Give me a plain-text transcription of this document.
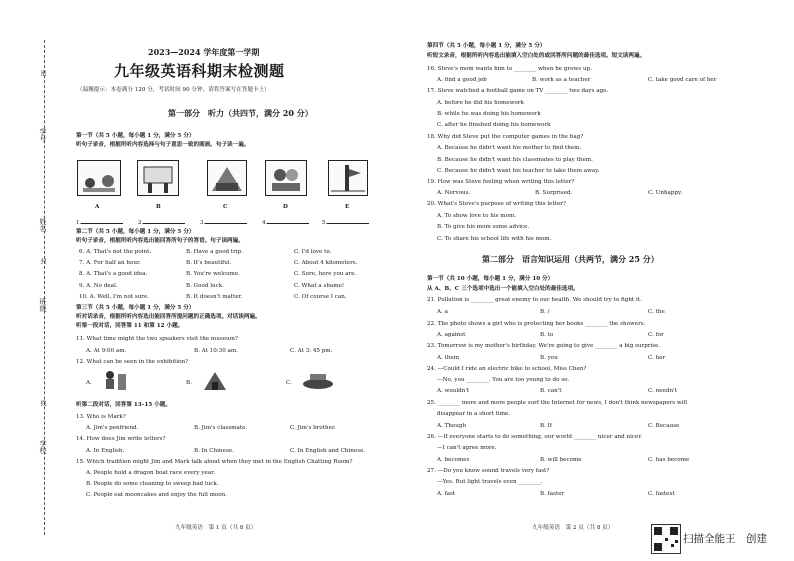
学号
姓名
班级
学校
密
封
线
2023—2024 学年度第一学期
九年级英语科期末检测题
（温馨提示：本卷满分 120 分，考试时间 90 分钟，请将答案写在答题卡上）
第一部分　听力（共四节，满分 20 分）
第一节（共 5 小题，每小题 1 分，满分 5 分）
听句子录音，根据所听内容选择与句子意思一致的图画。句子读一遍。
A	B	C	D	E
1.	2.	3.	4.	5.
第二节（共 5 小题，每小题 1 分，满分 5 分）
听句子录音，根据所听内容选出能回答所句子的答语。句子读两遍。
6. A. That's not the point.	B. Have a good trip.	C. I'd love to.
7. A. For half an hour.	B. It's beautiful.	C. About 4 kilometers.
8. A. That's a good idea.	B. You're welcome.	C. Sure, here you are.
9. A. No deal.	B. Good luck.	C. What a shame!
10. A. Well, I'm not sure.	B. It doesn't matter.	C. Of course I can.
第三节（共 5 小题，每小题 1 分，满分 5 分）
听对话录音，根据所听内容选出能回答所提问题的正确选项。对话读两遍。
听第一段对话，回答第 11 和第 12 小题。
11. What time might the two speakers visit the museum?
A. At 9:00 am.	B. At 10:30 am.	C. At 3: 45 pm.
12. What can be seen in the exhibition?
A.	B.	C.
听第二段对话，回答第 13–15 小题。
13. Who is Mark?
A. Jim's penfriend.	B. Jim's classmate.	C. Jim's brother.
14. How does Jim write letters?
A. In English.	B. In Chinese.	C. In English and Chinese.
15. Which tradition might Jim and Mark talk about when they met in the English Chatting Room?
A. People hold a dragon boat race every year.
B. People do some cleaning to sweep bad luck.
C. People eat mooncakes and enjoy the full moon.
九年级英语　第 1 页（共 8 页）
第四节（共 5 小题，每小题 1 分，满分 5 分）
听短文录音，根据所听内容选出能填入空白处的或回答所问题的最佳选项。短文读两遍。
16. Steve's mom wants him to ________ when he grows up.
A. find a good job	B. work as a teacher	C. take good care of her
17. Steve watched a football game on TV ________ two days ago.
A. before he did his homework
B. while he was doing his homework
C. after he finished doing his homework
18. Why did Steve put the computer games in the bag?
A. Because he didn't want his mother to find them.
B. Because he didn't want his classmates to play them.
C. Because he didn't want his teacher to take them away.
19. How was Steve feeling when writing this letter?
A. Nervous.	B. Surprised.	C. Unhappy.
20. What's Steve's purpose of writing this letter?
A. To show love to his mom.
B. To give his mom some advice.
C. To share his school life with his mom.
第二部分　语言知识运用（共两节，满分 25 分）
第一节（共 10 小题，每小题 1 分，满分 10 分）
从 A、B、C 三个选项中选出一个能填入空白处的最佳选项。
21. Pollution is ________ great enemy to our health. We should try to fight it.
A. a	B. /	C. the
22. The photo shows a girl who is protecting her books ________ the showers.
A. against	B. to	C. for
23. Tomorrow is my mother's birthday. We're going to give ________ a big surprise.
A. them	B. you	C. her
24. —Could I ride an electric bike to school, Miss Chen?
—No, you ________. You are too young to do so.
A. wouldn't	B. can't	C. needn't
25. ________ more and more people surf the Internet for news, I don't think newspapers will
disappear in a short time.
A. Though	B. If	C. Because
26. —If everyone starts to do something, our world ________ nicer and nicer.
—I can't agree more.
A. becomes	B. will become	C. has become
27. —Do you know sound travels very fast?
—Yes. But light travels even ________.
A. fast	B. faster	C. fastest
九年级英语　第 2 页（共 8 页）
扫描全能王　创建
